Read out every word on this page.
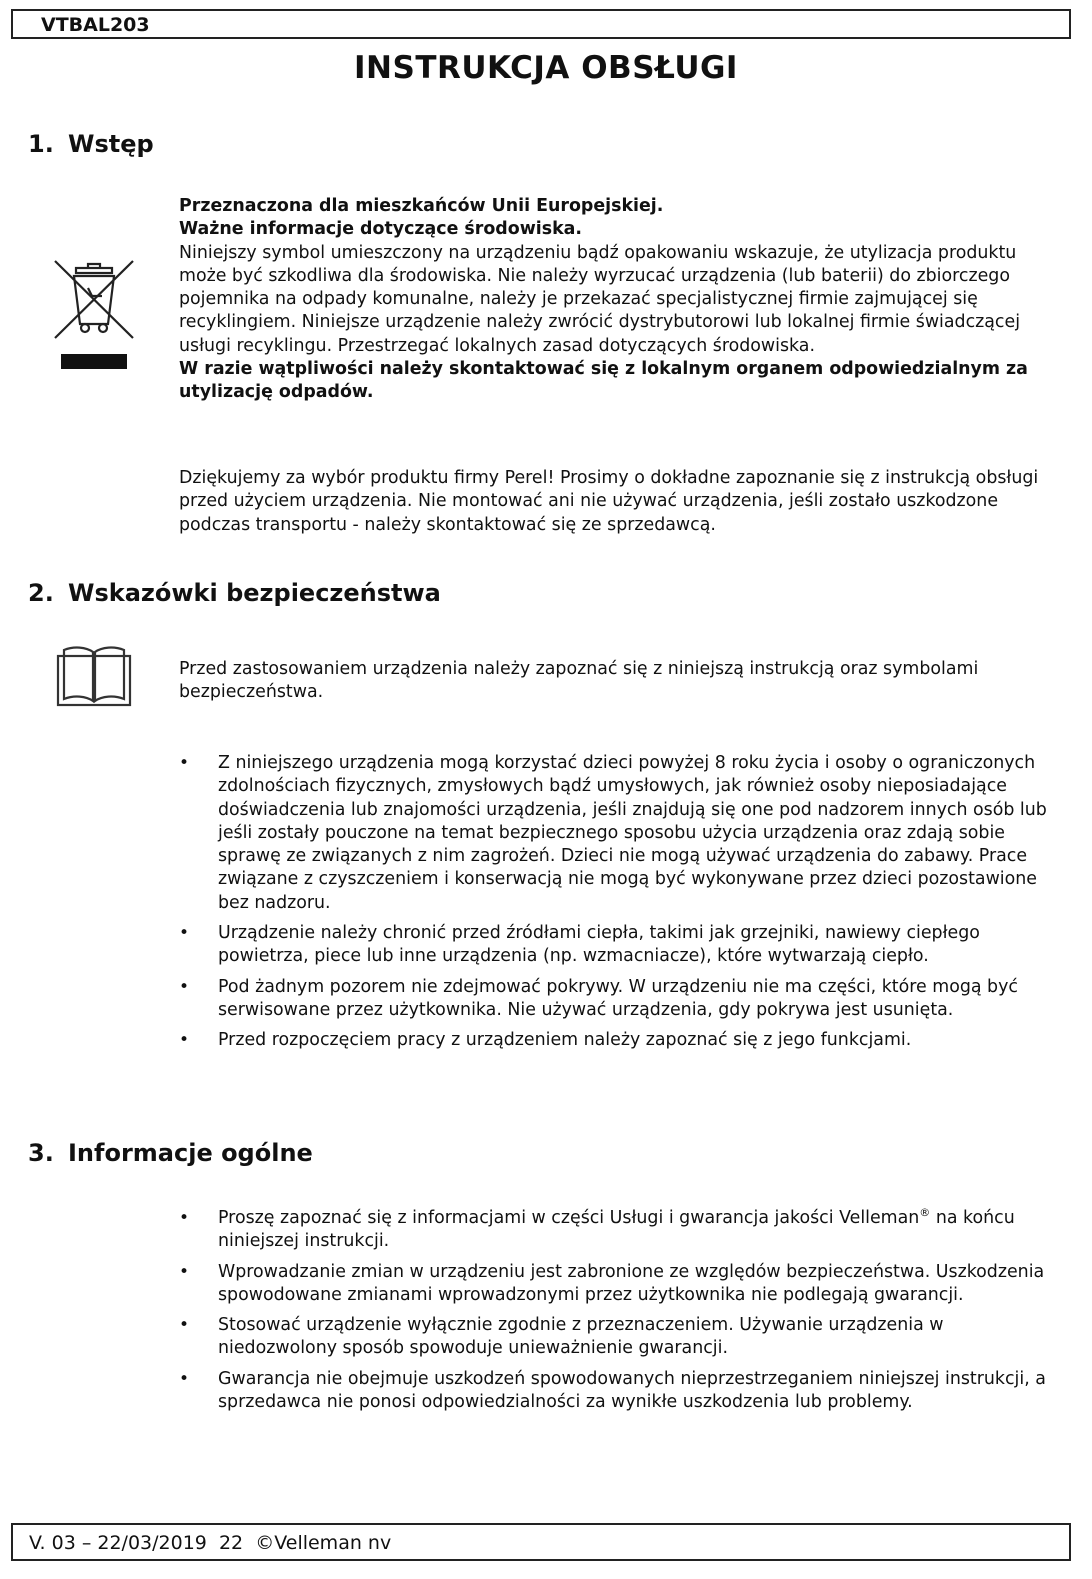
VTBAL203
INSTRUKCJA OBSŁUGI
1. Wstęp

Przeznaczona dla mieszkańców Unii Europejskiej.

Ważne informacje dotyczące środowiska.

Niniejszy symbol umieszczony na urządzeniu bądź opakowaniu wskazuje, że utylizacja produktu może być szkodliwa dla środowiska. Nie należy wyrzucać urządzenia (lub baterii) do zbiorczego pojemnika na odpady komunalne, należy je przekazać specjalistycznej firmie zajmującej się recyklingiem. Niniejsze urządzenie należy zwrócić dystrybutorowi lub lokalnej firmie świadczącej usługi recyklingu. Przestrzegać lokalnych zasad dotyczących środowiska.

W razie wątpliwości należy skontaktować się z lokalnym organem odpowiedzialnym za utylizację odpadów.

Dziękujemy za wybór produktu firmy Perel! Prosimy o dokładne zapoznanie się z instrukcją obsługi przed użyciem urządzenia. Nie montować ani nie używać urządzenia, jeśli zostało uszkodzone podczas transportu - należy skontaktować się ze sprzedawcą.

2. Wskazówki bezpieczeństwa

Przed zastosowaniem urządzenia należy zapoznać się z niniejszą instrukcją oraz symbolami bezpieczeństwa.

• Z niniejszego urządzenia mogą korzystać dzieci powyżej 8 roku życia i osoby o ograniczonych zdolnościach fizycznych, zmysłowych bądź umysłowych, jak również osoby nieposiadające doświadczenia lub znajomości urządzenia, jeśli znajdują się one pod nadzorem innych osób lub jeśli zostały pouczone na temat bezpiecznego sposobu użycia urządzenia oraz zdają sobie sprawę ze związanych z nim zagrożeń. Dzieci nie mogą używać urządzenia do zabawy. Prace związane z czyszczeniem i konserwacją nie mogą być wykonywane przez dzieci pozostawione bez nadzoru.
• Urządzenie należy chronić przed źródłami ciepła, takimi jak grzejniki, nawiewy ciepłego powietrza, piece lub inne urządzenia (np. wzmacniacze), które wytwarzają ciepło.
• Pod żadnym pozorem nie zdejmować pokrywy. W urządzeniu nie ma części, które mogą być serwisowane przez użytkownika. Nie używać urządzenia, gdy pokrywa jest usunięta.
• Przed rozpoczęciem pracy z urządzeniem należy zapoznać się z jego funkcjami.
3. Informacje ogólne
• Proszę zapoznać się z informacjami w części Usługi i gwarancja jakości Velleman® na końcu niniejszej instrukcji.
• Wprowadzanie zmian w urządzeniu jest zabronione ze względów bezpieczeństwa. Uszkodzenia spowodowane zmianami wprowadzonymi przez użytkownika nie podlegają gwarancji.
• Stosować urządzenie wyłącznie zgodnie z przeznaczeniem. Używanie urządzenia w niedozwolony sposób spowoduje unieważnienie gwarancji.
• Gwarancja nie obejmuje uszkodzeń spowodowanych nieprzestrzeganiem niniejszej instrukcji, a sprzedawca nie ponosi odpowiedzialności za wynikłe uszkodzenia lub problemy.
V. 03 – 22/03/2019  22  ©Velleman nv
